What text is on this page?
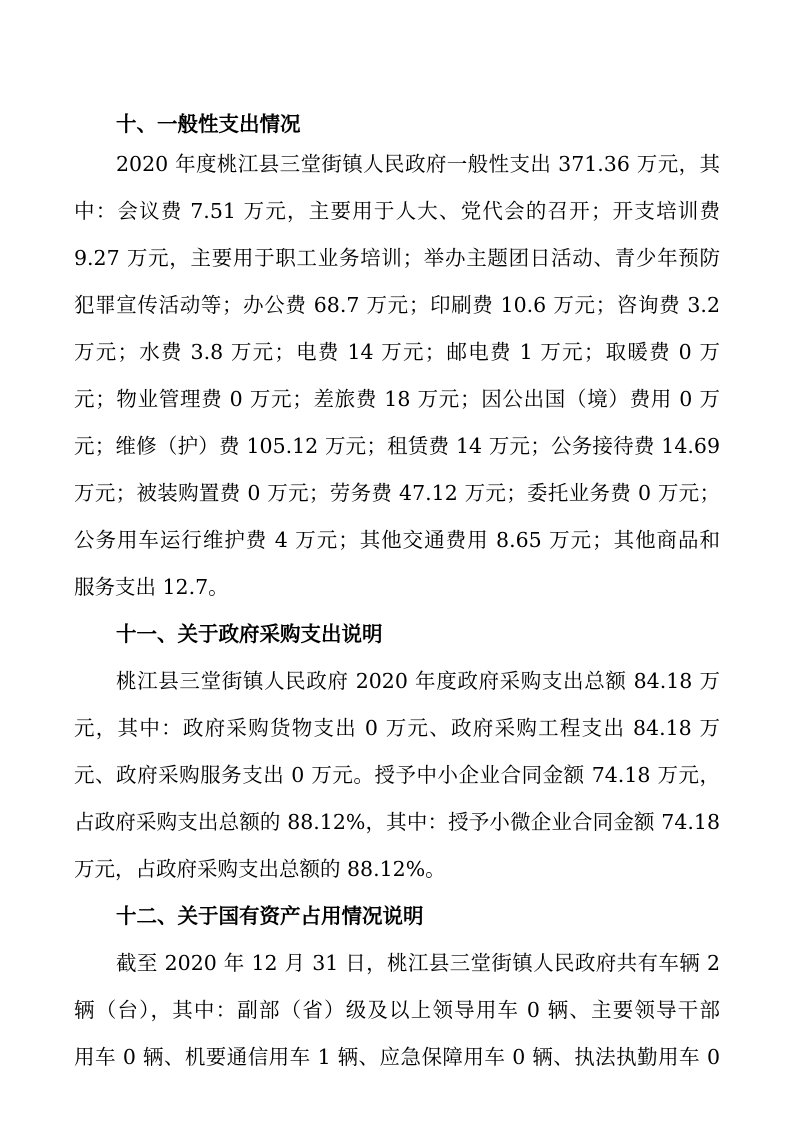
十、一般性支出情况
2020 年度桃江县三堂街镇人民政府一般性支出 371.36 万元，其
中：会议费 7.51 万元，主要用于人大、党代会的召开；开支培训费
9.27 万元，主要用于职工业务培训；举办主题团日活动、青少年预防
犯罪宣传活动等；办公费 68.7 万元；印刷费 10.6 万元；咨询费 3.2
万元；水费 3.8 万元；电费 14 万元；邮电费 1 万元；取暖费 0 万
元；物业管理费 0 万元；差旅费 18 万元；因公出国（境）费用 0 万
元；维修（护）费 105.12 万元；租赁费 14 万元；公务接待费 14.69
万元；被装购置费 0 万元；劳务费 47.12 万元；委托业务费 0 万元；
公务用车运行维护费 4 万元；其他交通费用 8.65 万元；其他商品和
服务支出 12.7。
十一、关于政府采购支出说明
桃江县三堂街镇人民政府 2020 年度政府采购支出总额 84.18 万
元，其中：政府采购货物支出 0 万元、政府采购工程支出 84.18 万
元、政府采购服务支出 0 万元。授予中小企业合同金额 74.18 万元，
占政府采购支出总额的 88.12%，其中：授予小微企业合同金额 74.18
万元，占政府采购支出总额的 88.12%。
十二、关于国有资产占用情况说明
截至 2020 年 12 月 31 日，桃江县三堂街镇人民政府共有车辆 2
辆（台），其中：副部（省）级及以上领导用车 0 辆、主要领导干部
用车 0 辆、机要通信用车 1 辆、应急保障用车 0 辆、执法执勤用车 0
